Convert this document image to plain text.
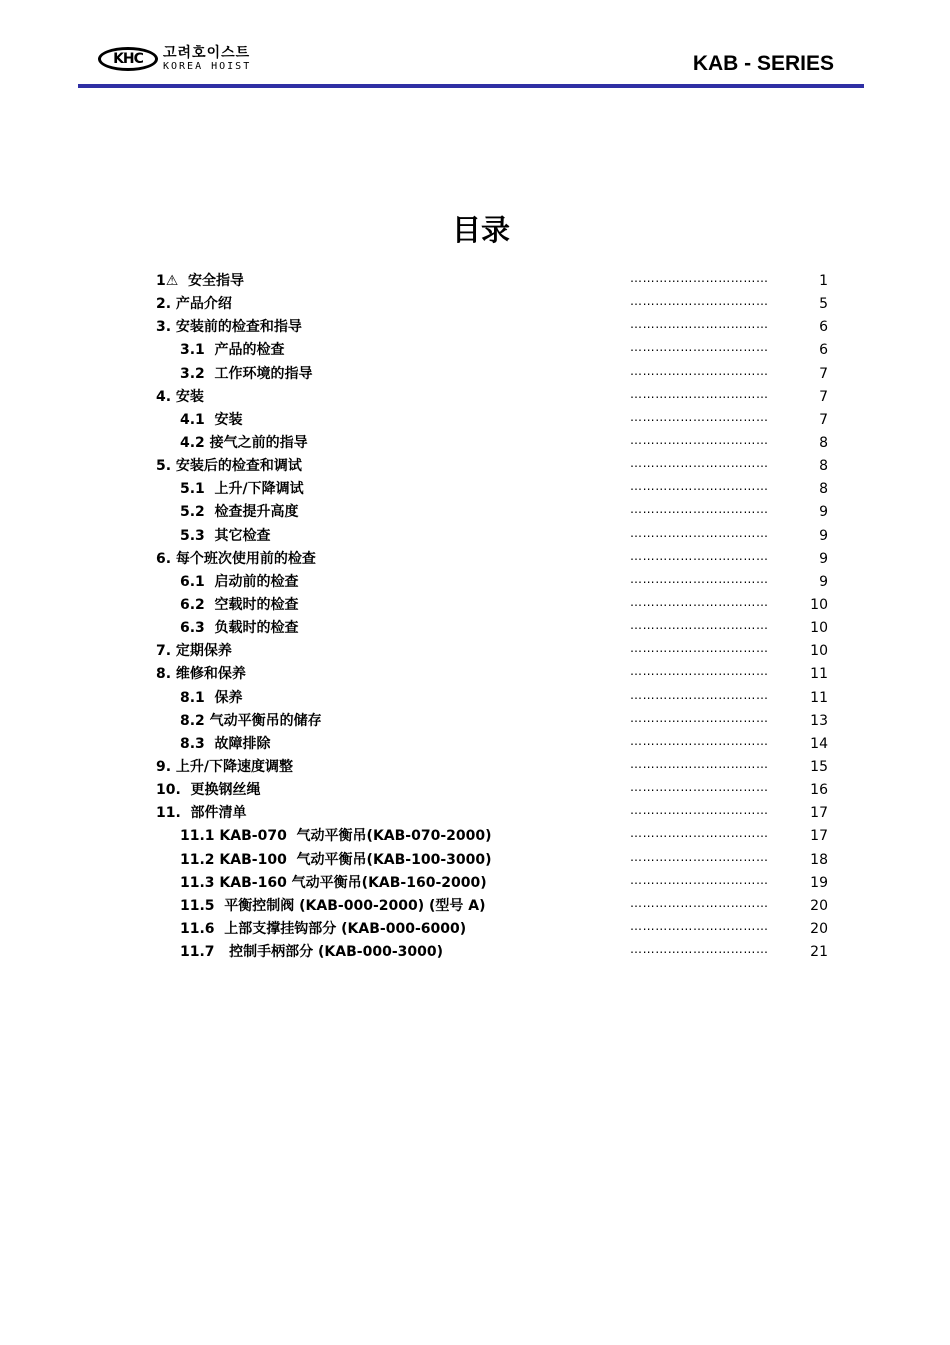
KHC	고려호이스트
KOREA HOIST	KAB - SERIES
目录
1⚠  安全指导	……………………………	1
2. 产品介绍	……………………………	5
3. 安装前的检查和指导	……………………………	6
3.1  产品的检查	……………………………	6
3.2  工作环境的指导	……………………………	7
4. 安装	……………………………	7
4.1  安装	……………………………	7
4.2 接气之前的指导	……………………………	8
5. 安装后的检查和调试	……………………………	8
5.1  上升/下降调试	……………………………	8
5.2  检查提升高度	……………………………	9
5.3  其它检查	……………………………	9
6. 每个班次使用前的检查	……………………………	9
6.1  启动前的检查	……………………………	9
6.2  空载时的检查	……………………………	10
6.3  负载时的检查	……………………………	10
7. 定期保养	……………………………	10
8. 维修和保养	……………………………	11
8.1  保养	……………………………	11
8.2 气动平衡吊的储存	……………………………	13
8.3  故障排除	……………………………	14
9. 上升/下降速度调整	……………………………	15
10.  更换钢丝绳	……………………………	16
11.  部件清单	……………………………	17
11.1 KAB-070  气动平衡吊(KAB-070-2000)	……………………………	17
11.2 KAB-100  气动平衡吊(KAB-100-3000)	……………………………	18
11.3 KAB-160 气动平衡吊(KAB-160-2000)	……………………………	19
11.5  平衡控制阀 (KAB-000-2000) (型号 A)	……………………………	20
11.6  上部支撑挂钩部分 (KAB-000-6000)	……………………………	20
11.7   控制手柄部分 (KAB-000-3000)	……………………………	21
